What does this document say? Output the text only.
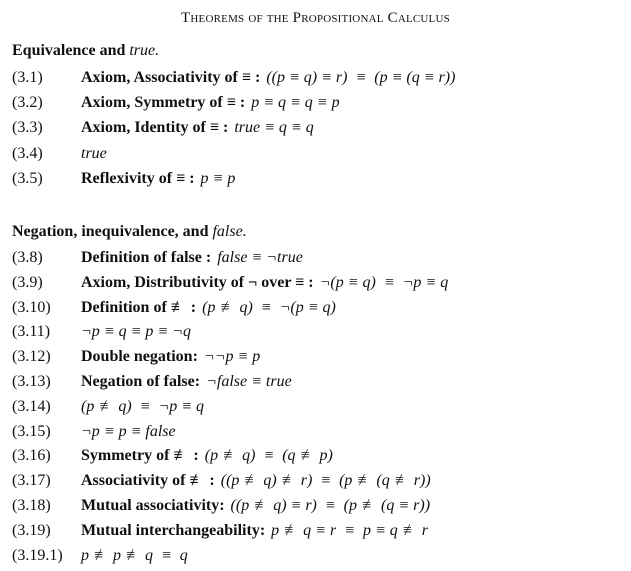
Theorems of the Propositional Calculus
Equivalence and true.
(3.1) Axiom, Associativity of ≡ : ((p ≡ q) ≡ r)  ≡  (p ≡ (q ≡ r))
(3.2) Axiom, Symmetry of ≡ : p ≡ q ≡ q ≡ p
(3.3) Axiom, Identity of ≡ : true ≡ q ≡ q
(3.4) true
(3.5) Reflexivity of ≡ : p ≡ p
Negation, inequivalence, and false.
(3.8) Definition of false : false ≡ ¬true
(3.9) Axiom, Distributivity of ¬ over ≡ : ¬(p ≡ q)  ≡  ¬p ≡ q
(3.10) Definition of ≢ : (p ≢ q)  ≡  ¬(p ≡ q)
(3.11) ¬p ≡ q ≡ p ≡ ¬q
(3.12) Double negation: ¬¬p ≡ p
(3.13) Negation of false: ¬false ≡ true
(3.14) (p ≢ q)  ≡  ¬p ≡ q
(3.15) ¬p ≡ p ≡ false
(3.16) Symmetry of ≢ : (p ≢ q)  ≡  (q ≢ p)
(3.17) Associativity of ≢ : ((p ≢ q) ≢ r)  ≡  (p ≢ (q ≢ r))
(3.18) Mutual associativity: ((p ≢ q) ≡ r)  ≡  (p ≢ (q ≡ r))
(3.19) Mutual interchangeability: p ≢ q ≡ r  ≡  p ≡ q ≢ r
(3.19.1) p ≢ p ≢ q  ≡  q
